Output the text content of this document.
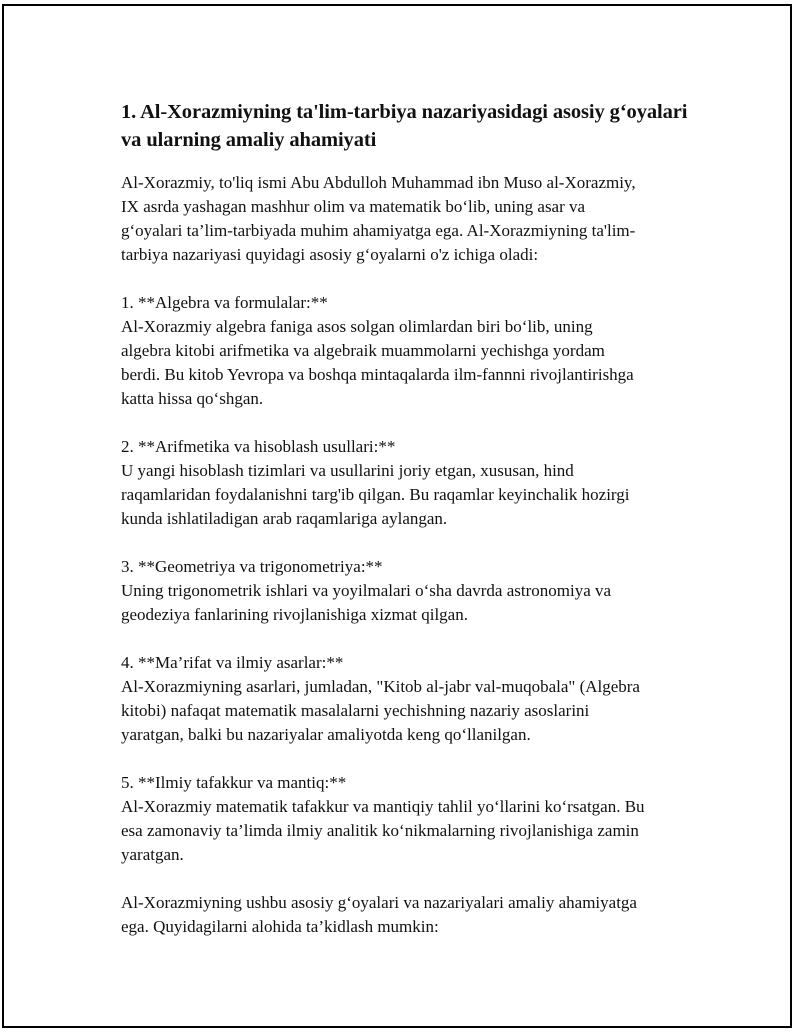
1. Al-Xorazmiyning ta'lim-tarbiya nazariyasidagi asosiy g‘oyalari va ularning amaliy ahamiyati

Al-Xorazmiy, to'liq ismi Abu Abdulloh Muhammad ibn Muso al-Xorazmiy,
IX asrda yashagan mashhur olim va matematik bo‘lib, uning asar va
g‘oyalari ta’lim-tarbiyada muhim ahamiyatga ega. Al-Xorazmiyning ta'lim-
tarbiya nazariyasi quyidagi asosiy g‘oyalarni o'z ichiga oladi:

1. **Algebra va formulalar:**

Al-Xorazmiy algebra faniga asos solgan olimlardan biri bo‘lib, uning
algebra kitobi arifmetika va algebraik muammolarni yechishga yordam
berdi. Bu kitob Yevropa va boshqa mintaqalarda ilm-fannni rivojlantirishga
katta hissa qo‘shgan.

2. **Arifmetika va hisoblash usullari:**

U yangi hisoblash tizimlari va usullarini joriy etgan, xususan, hind
raqamlaridan foydalanishni targ'ib qilgan. Bu raqamlar keyinchalik hozirgi
kunda ishlatiladigan arab raqamlariga aylangan.

3. **Geometriya va trigonometriya:**

Uning trigonometrik ishlari va yoyilmalari o‘sha davrda astronomiya va
geodeziya fanlarining rivojlanishiga xizmat qilgan.

4. **Ma’rifat va ilmiy asarlar:**

Al-Xorazmiyning asarlari, jumladan, "Kitob al-jabr val-muqobala" (Algebra
kitobi) nafaqat matematik masalalarni yechishning nazariy asoslarini
yaratgan, balki bu nazariyalar amaliyotda keng qo‘llanilgan.

5. **Ilmiy tafakkur va mantiq:**

Al-Xorazmiy matematik tafakkur va mantiqiy tahlil yo‘llarini ko‘rsatgan. Bu
esa zamonaviy ta’limda ilmiy analitik ko‘nikmalarning rivojlanishiga zamin
yaratgan.

Al-Xorazmiyning ushbu asosiy g‘oyalari va nazariyalari amaliy ahamiyatga
ega. Quyidagilarni alohida ta’kidlash mumkin:
